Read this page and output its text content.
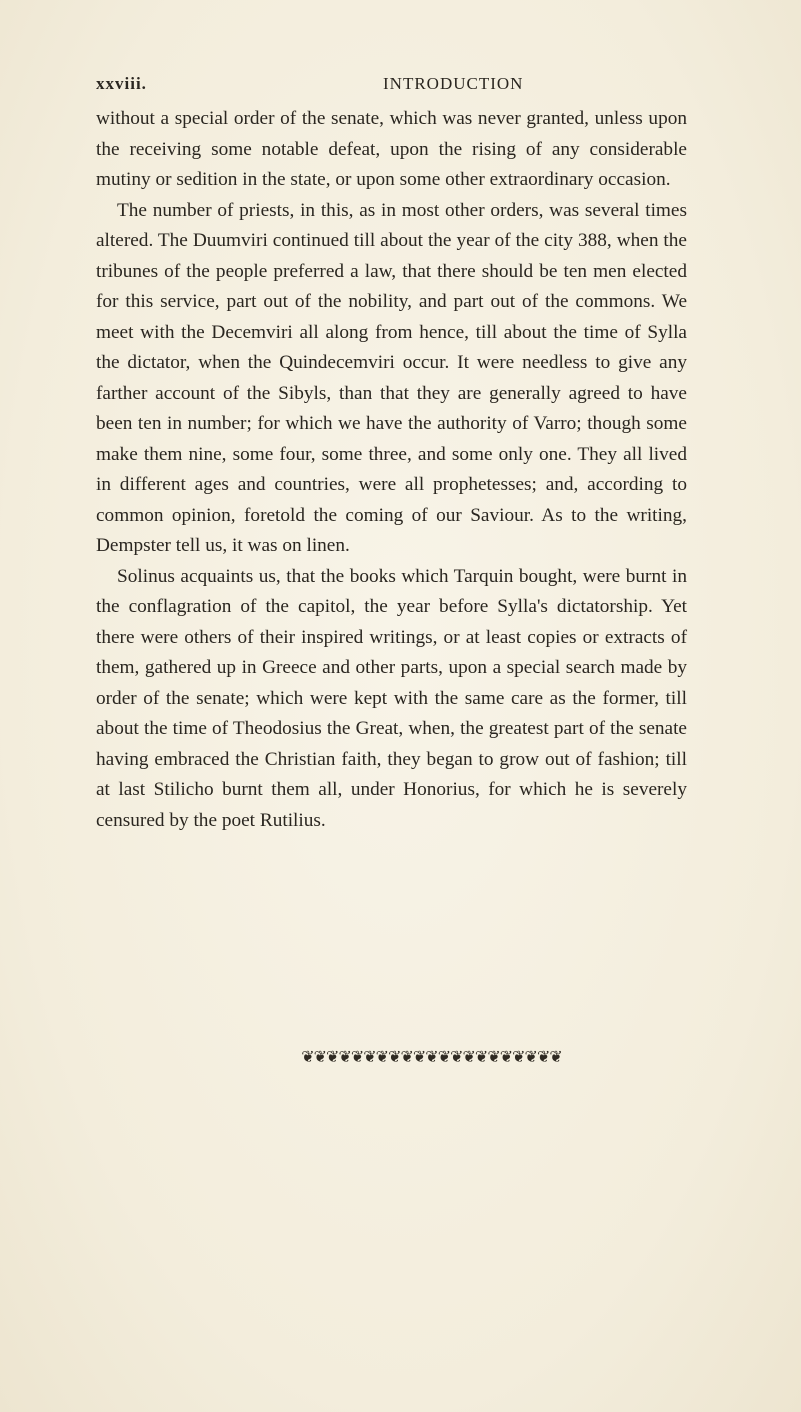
xxviii.	INTRODUCTION

without a special order of the senate, which was never granted, unless upon the receiving some notable defeat, upon the rising of any considerable mutiny or sedition in the state, or upon some other extraordinary occasion.

The number of priests, in this, as in most other orders, was several times altered. The Duumviri continued till about the year of the city 388, when the tribunes of the people preferred a law, that there should be ten men elected for this service, part out of the nobility, and part out of the commons. We meet with the Decemviri all along from hence, till about the time of Sylla the dictator, when the Quindecemviri occur. It were needless to give any farther account of the Sibyls, than that they are generally agreed to have been ten in number; for which we have the authority of Varro; though some make them nine, some four, some three, and some only one. They all lived in different ages and countries, were all prophetesses; and, according to common opinion, foretold the coming of our Saviour. As to the writing, Dempster tell us, it was on linen.

Solinus acquaints us, that the books which Tarquin bought, were burnt in the conflagration of the capitol, the year before Sylla's dictatorship. Yet there were others of their inspired writings, or at least copies or extracts of them, gathered up in Greece and other parts, upon a special search made by order of the senate; which were kept with the same care as the former, till about the time of Theodosius the Great, when, the greatest part of the senate having embraced the Christian faith, they began to grow out of fashion; till at last Stilicho burnt them all, under Honorius, for which he is severely censured by the poet Rutilius.

❦❦❦❦❦❦❦❦❦❦❦❦❦❦❦❦❦❦❦❦❦
